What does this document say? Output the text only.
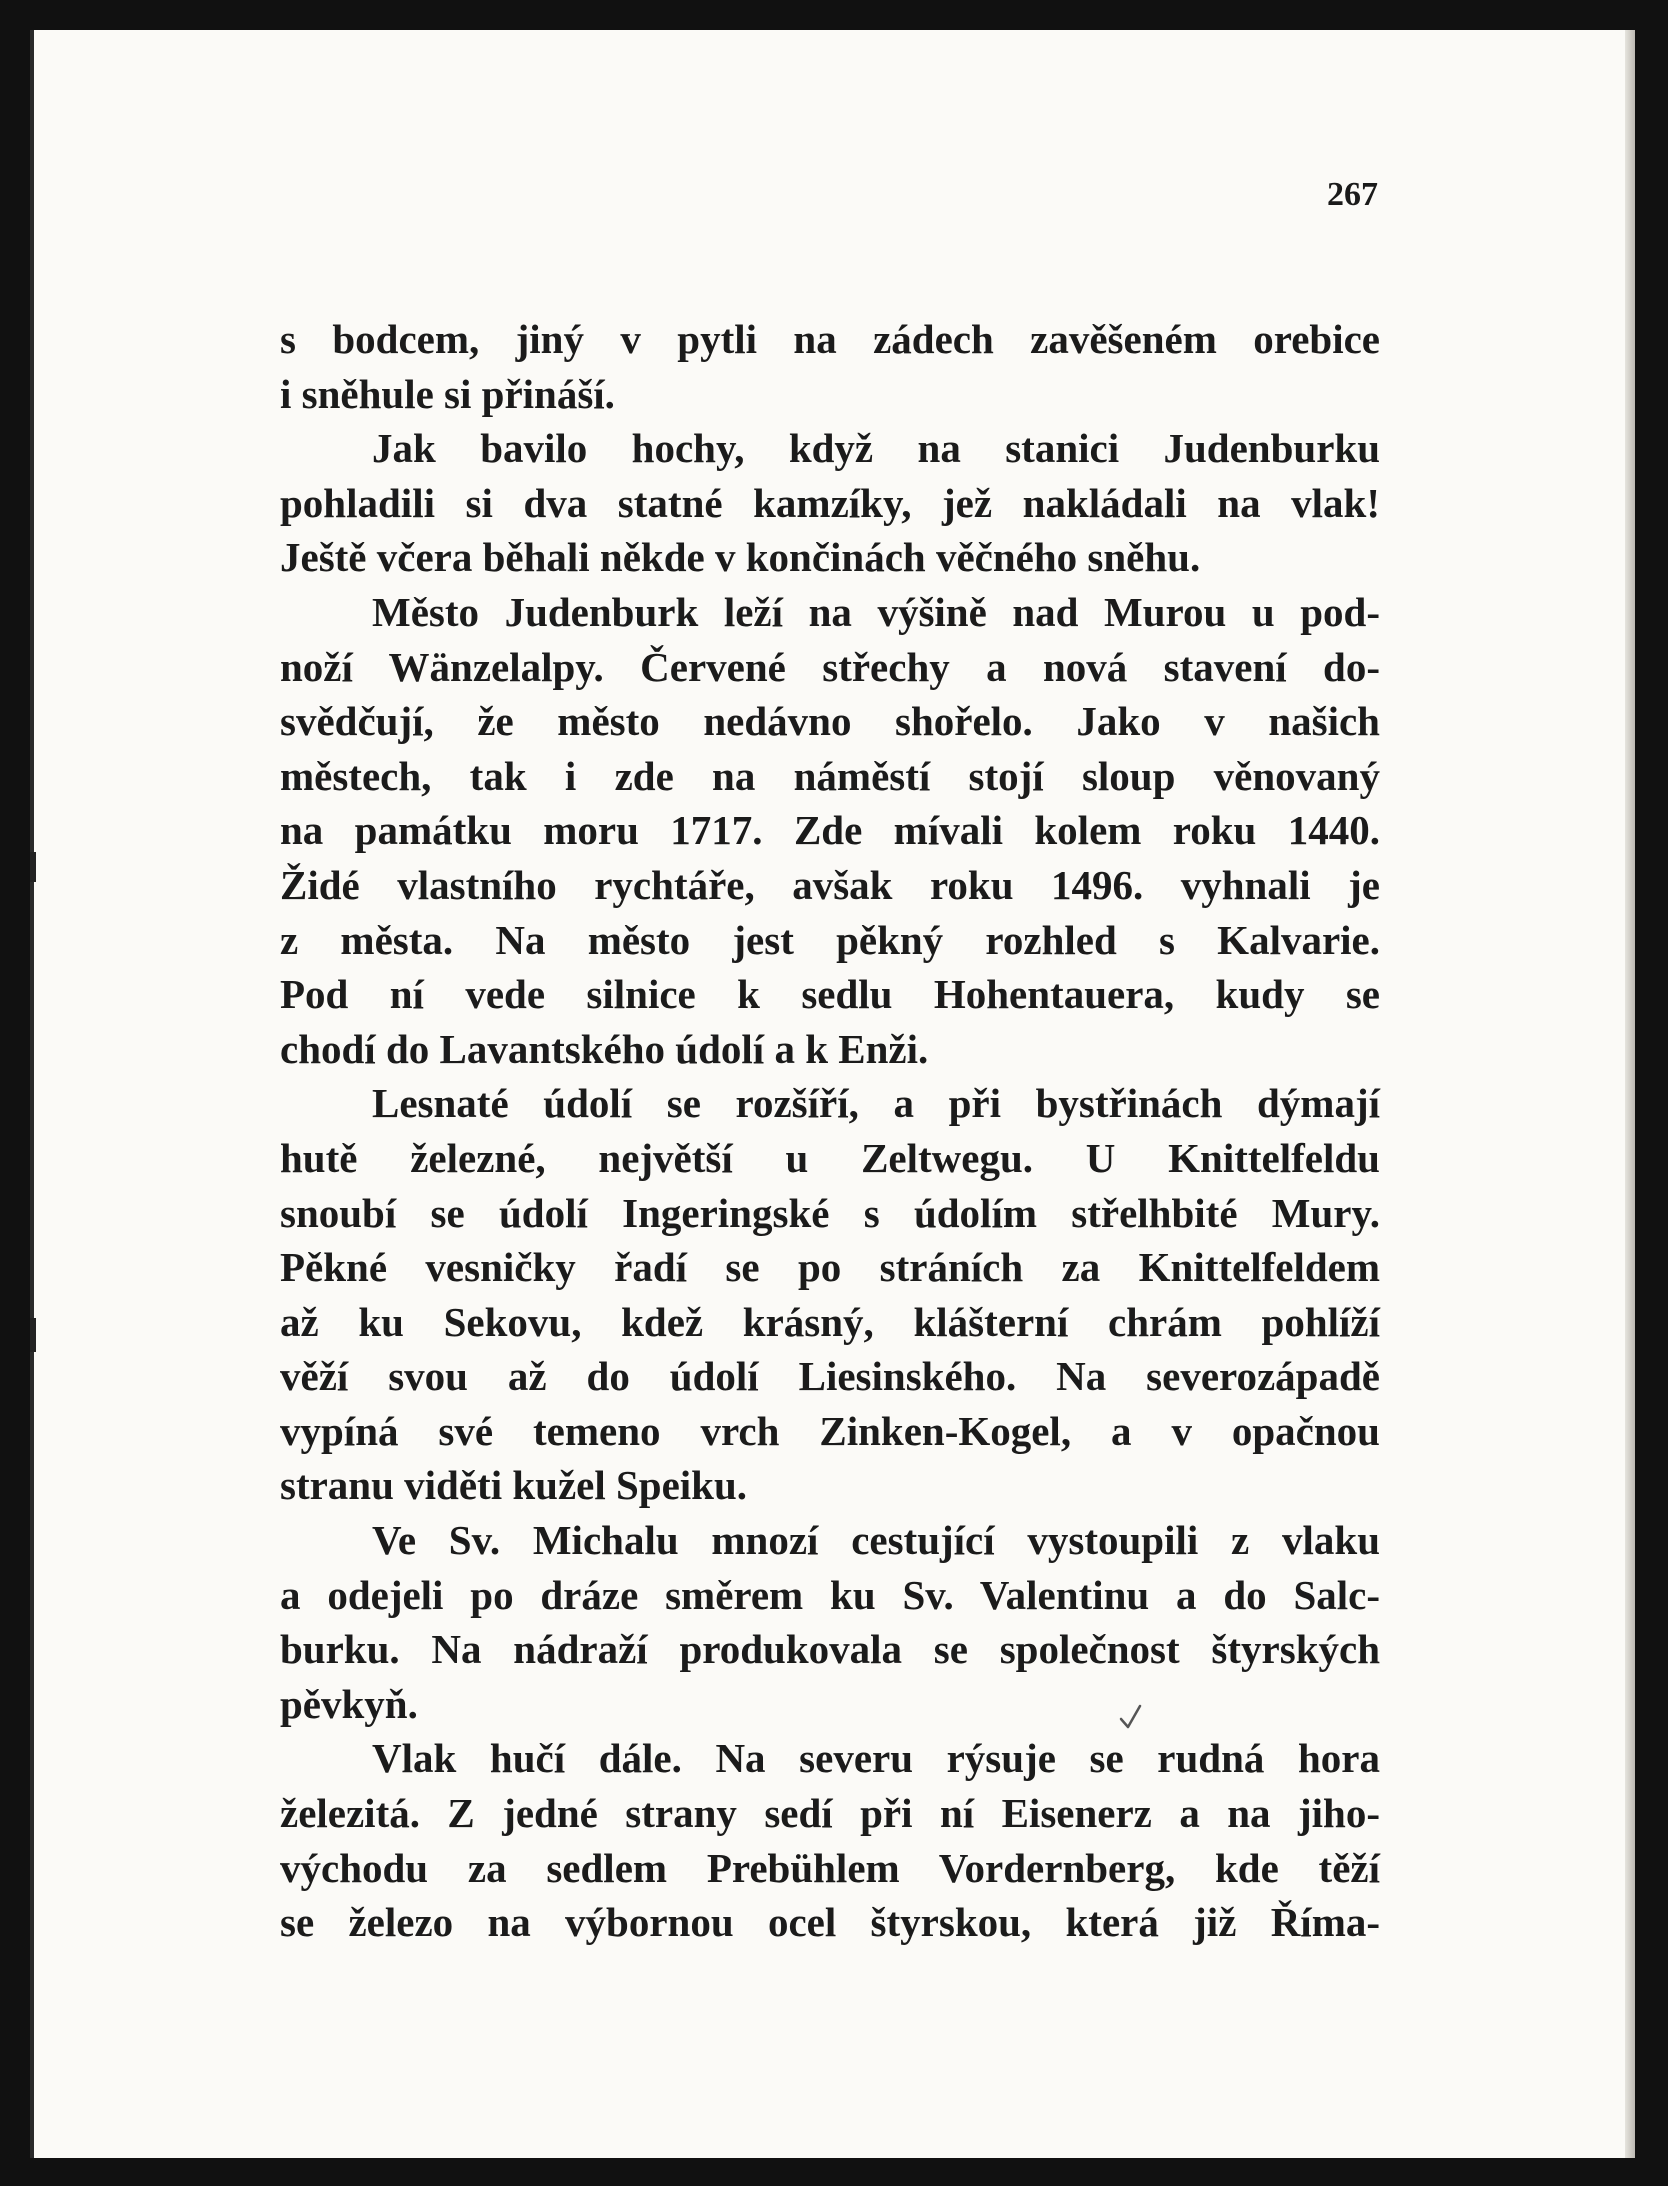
267

s bodcem, jiný v pytli na zádech zavěšeném orebice

i sněhule si přináší.

Jak bavilo hochy, když na stanici Judenburku

pohladili si dva statné kamzíky, jež nakládali na vlak!

Ještě včera běhali někde v končinách věčného sněhu.

Město Judenburk leží na výšině nad Murou u pod-

noží Wänzelalpy. Červené střechy a nová stavení do-

svědčují, že město nedávno shořelo. Jako v našich

městech, tak i zde na náměstí stojí sloup věnovaný

na památku moru 1717. Zde mívali kolem roku 1440.

Židé vlastního rychtáře, avšak roku 1496. vyhnali je

z města. Na město jest pěkný rozhled s Kalvarie.

Pod ní vede silnice k sedlu Hohentauera, kudy se

chodí do Lavantského údolí a k Enži.

Lesnaté údolí se rozšíří, a při bystřinách dýmají

hutě železné, největší u Zeltwegu. U Knittelfeldu

snoubí se údolí Ingeringské s údolím střelhbité Mury.

Pěkné vesničky řadí se po stráních za Knittelfeldem

až ku Sekovu, kdež krásný, klášterní chrám pohlíží

věží svou až do údolí Liesinského. Na severozápadě

vypíná své temeno vrch Zinken-Kogel, a v opačnou

stranu viděti kužel Speiku.

Ve Sv. Michalu mnozí cestující vystoupili z vlaku

a odejeli po dráze směrem ku Sv. Valentinu a do Salc-

burku. Na nádraží produkovala se společnost štyrských

pěvkyň.

Vlak hučí dále. Na severu rýsuje se rudná hora

železitá. Z jedné strany sedí při ní Eisenerz a na jiho-

východu za sedlem Prebühlem Vordernberg, kde těží

se železo na výbornou ocel štyrskou, která již Říma-
